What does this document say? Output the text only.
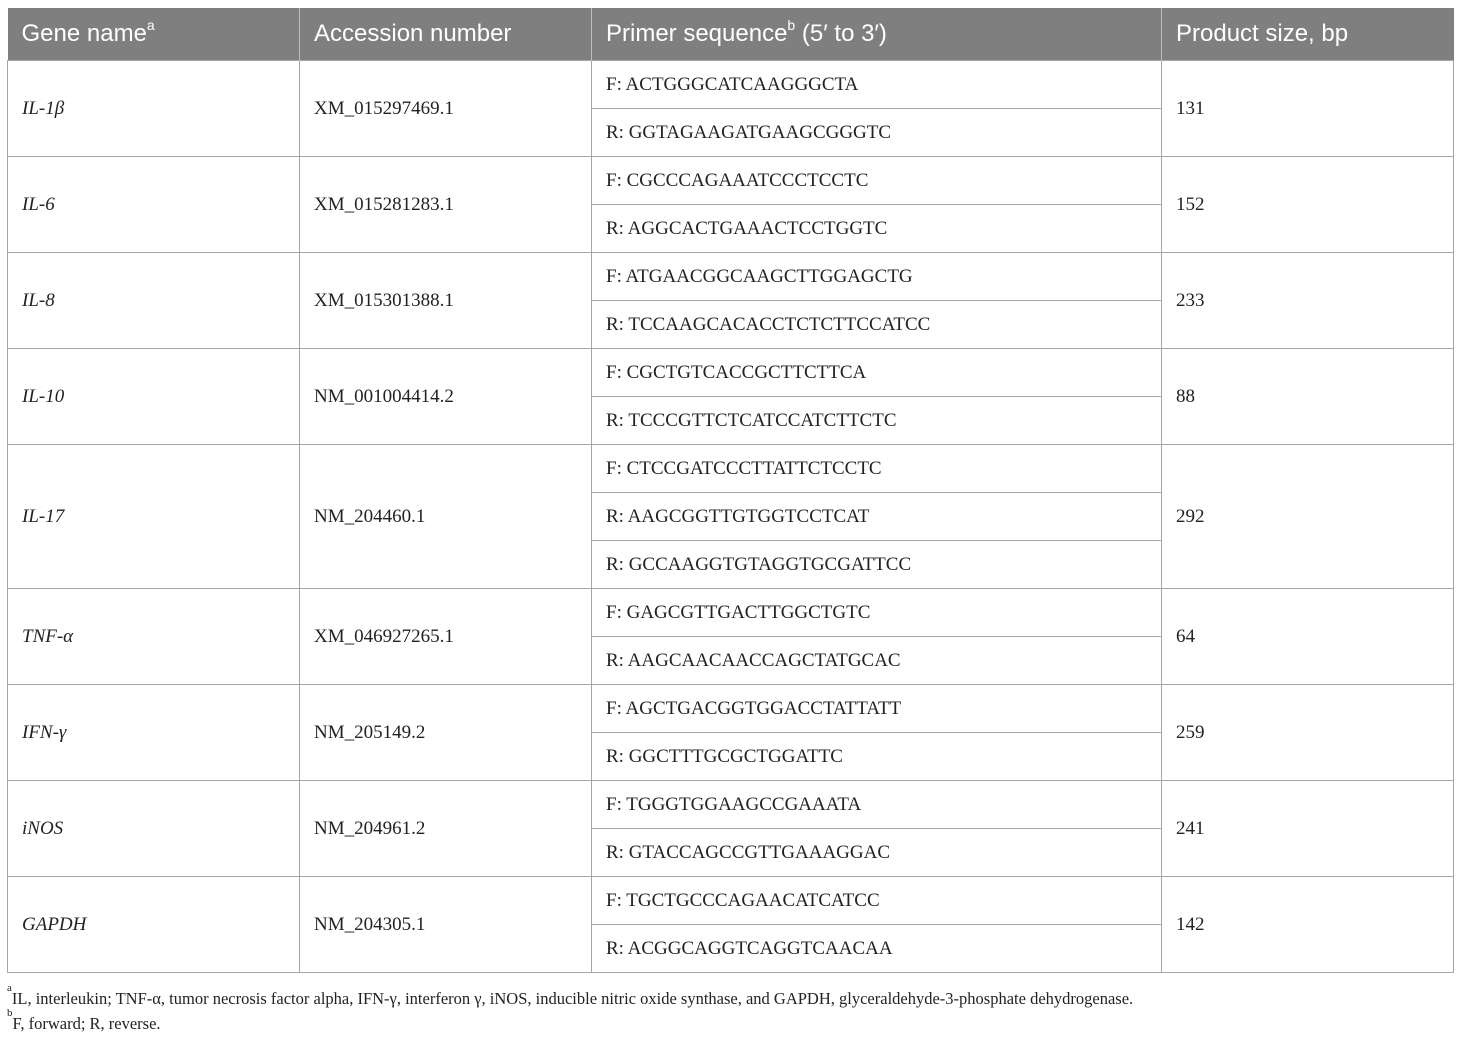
Gene name$^a$	Accession number	Primer sequence$^b$ (5′ to 3′)	Product size, bp
IL-1β	XM_015297469.1	F: ACTGGGCATCAAGGGCTA	131
		R: GGTAGAAGATGAAGCGGGTC	
IL-6	XM_015281283.1	F: CGCCCAGAAATCCCTCCTC	152
		R: AGGCACTGAAACTCCTGGTC	
IL-8	XM_015301388.1	F: ATGAACGGCAAGCTTGGAGCTG	233
		R: TCCAAGCACACCTCTCTTCCATCC	
IL-10	NM_001004414.2	F: CGCTGTCACCGCTTCTTCA	88
		R: TCCCGTTCTCATCCATCTTCTC	
IL-17	NM_204460.1	F: CTCCGATCCCTTATTCTCCTC	292
		R: AAGCGGTTGTGGTCCTCAT	
		R: GCCAAGGTGTAGGTGCGATTCC	
TNF-α	XM_046927265.1	F: GAGCGTTGACTTGGCTGTC	64
		R: AAGCAACAACCAGCTATGCAC	
IFN-γ	NM_205149.2	F: AGCTGACGGTGGACCTATTATT	259
		R: GGCTTTGCGCTGGATTC	
iNOS	NM_204961.2	F: TGGGTGGAAGCCGAAATA	241
		R: GTACCAGCCGTTGAAAGGAC	
GAPDH	NM_204305.1	F: TGCTGCCCAGAACATCATCC	142
		R: ACGGCAGGTCAGGTCAACAA	

$^a$IL, interleukin; TNF-α, tumor necrosis factor alpha, IFN-γ, interferon γ, iNOS, inducible nitric oxide synthase, and GAPDH, glyceraldehyde-3-phosphate dehydrogenase.

$^b$F, forward; R, reverse.
